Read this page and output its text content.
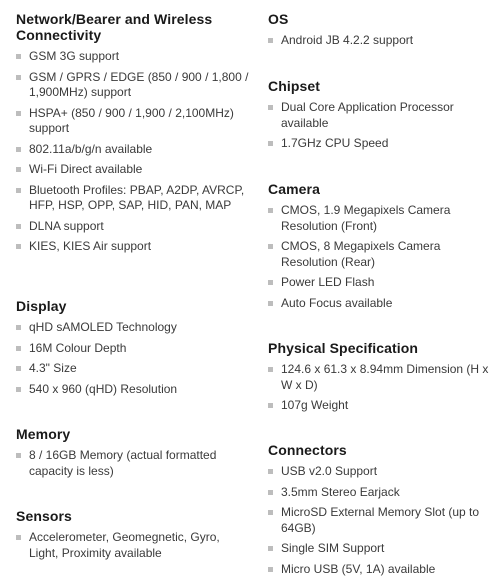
Network/Bearer and Wireless Connectivity
GSM 3G support
GSM / GPRS / EDGE (850 / 900 / 1,800 / 1,900MHz) support
HSPA+ (850 / 900 / 1,900 / 2,100MHz) support
802.11a/b/g/n available
Wi-Fi Direct available
Bluetooth Profiles: PBAP, A2DP, AVRCP, HFP, HSP, OPP, SAP, HID, PAN, MAP
DLNA support
KIES, KIES Air support
Display
qHD sAMOLED Technology
16M Colour Depth
4.3" Size
540 x 960 (qHD) Resolution
Memory
8 / 16GB Memory (actual formatted capacity is less)
Sensors
Accelerometer, Geomegnetic, Gyro, Light, Proximity available
OS
Android JB 4.2.2 support
Chipset
Dual Core Application Processor available
1.7GHz CPU Speed
Camera
CMOS, 1.9 Megapixels Camera Resolution (Front)
CMOS, 8 Megapixels Camera Resolution (Rear)
Power LED Flash
Auto Focus available
Physical Specification
124.6 x 61.3 x 8.94mm Dimension (H x W x D)
107g Weight
Connectors
USB v2.0 Support
3.5mm Stereo Earjack
MicroSD External Memory Slot (up to 64GB)
Single SIM Support
Micro USB (5V, 1A) available
